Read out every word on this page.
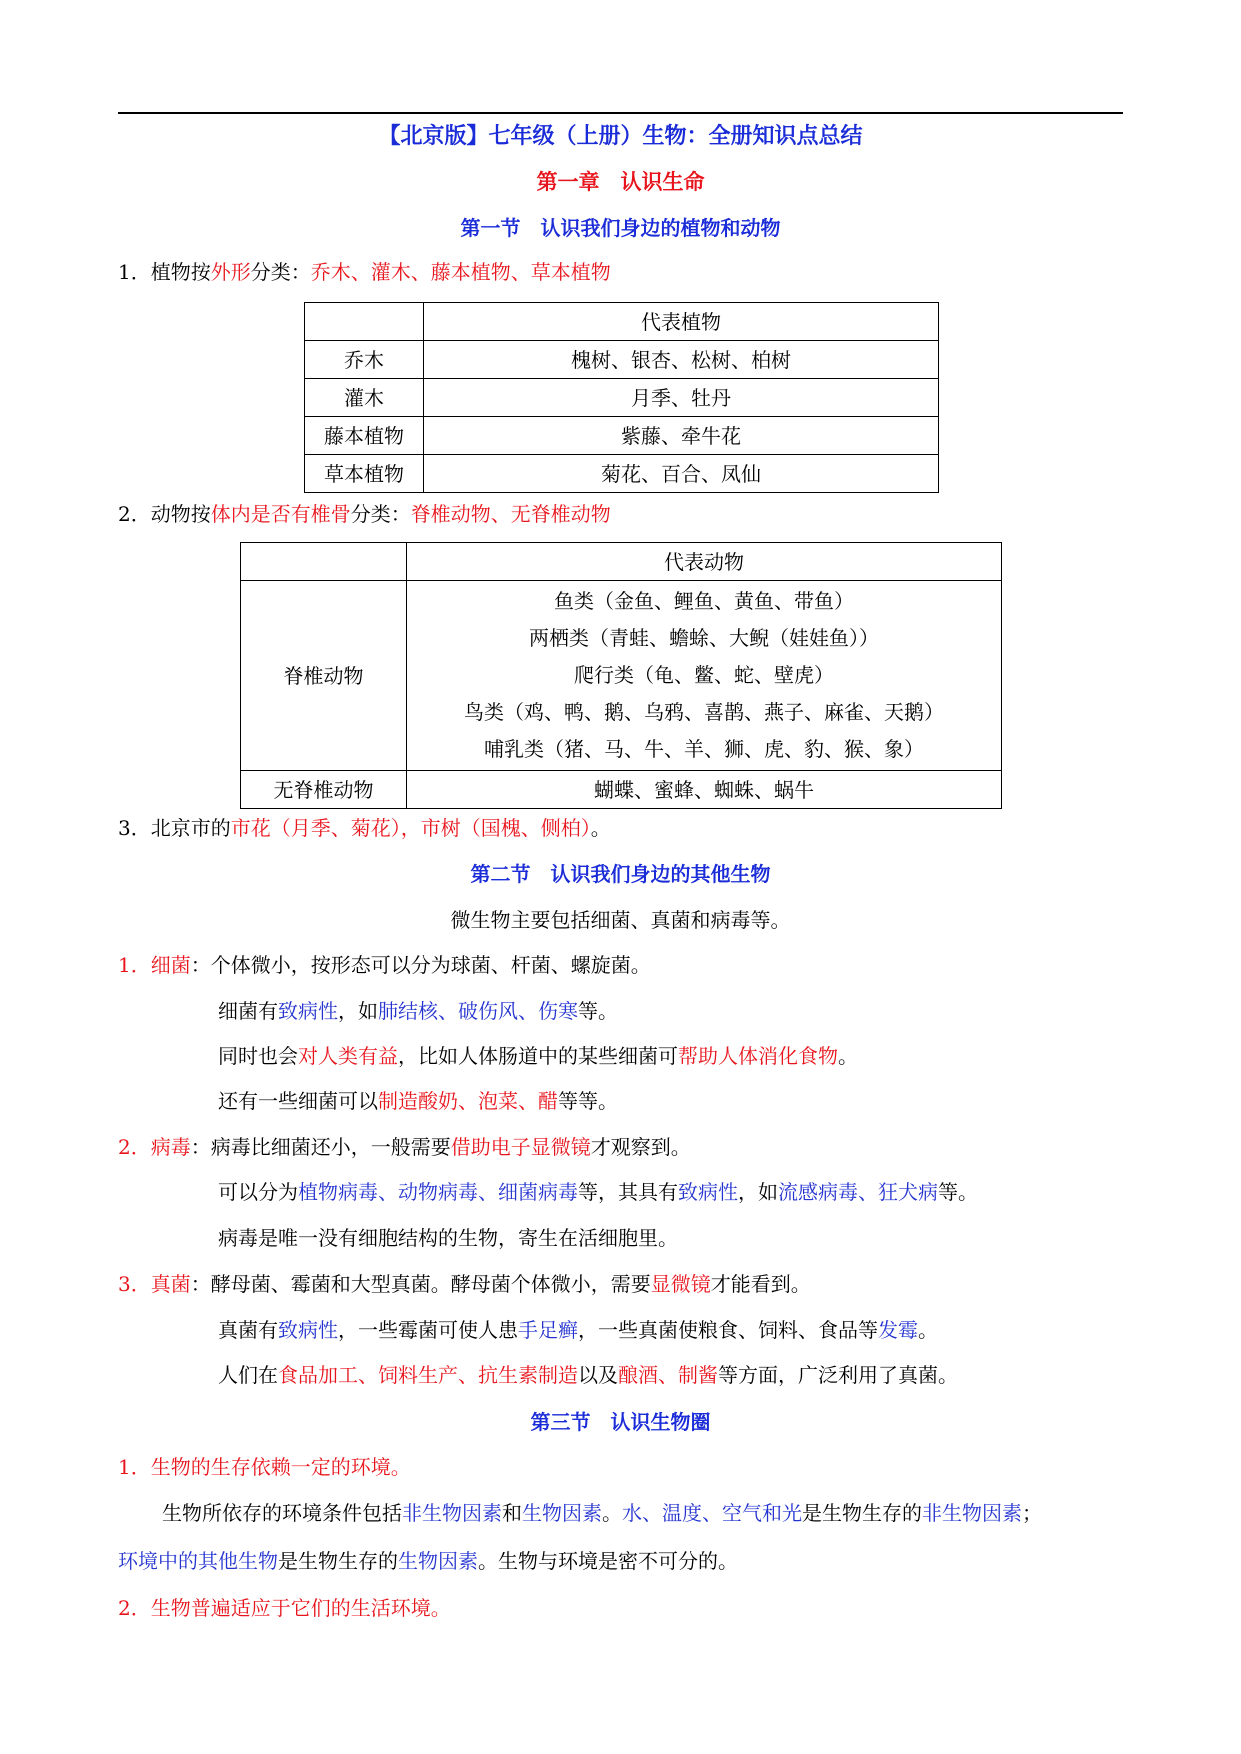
【北京版】七年级（上册）生物：全册知识点总结
第一章　认识生命
第一节　认识我们身边的植物和动物
1．植物按外形分类：乔木、灌木、藤本植物、草本植物
	代表植物
乔木	槐树、银杏、松树、柏树
灌木	月季、牡丹
藤本植物	紫藤、牵牛花
草本植物	菊花、百合、凤仙
2．动物按体内是否有椎骨分类：脊椎动物、无脊椎动物
	代表动物
脊椎动物	鱼类（金鱼、鲤鱼、黄鱼、带鱼）
两栖类（青蛙、蟾蜍、大鲵（娃娃鱼））
爬行类（龟、鳖、蛇、壁虎）
鸟类（鸡、鸭、鹅、乌鸦、喜鹊、燕子、麻雀、天鹅）
哺乳类（猪、马、牛、羊、狮、虎、豹、猴、象）

无脊椎动物	蝴蝶、蜜蜂、蜘蛛、蜗牛
3．北京市的市花（月季、菊花），市树（国槐、侧柏）。
第二节　认识我们身边的其他生物
微生物主要包括细菌、真菌和病毒等。
1．细菌：个体微小，按形态可以分为球菌、杆菌、螺旋菌。
细菌有致病性，如肺结核、破伤风、伤寒等。
同时也会对人类有益，比如人体肠道中的某些细菌可帮助人体消化食物。
还有一些细菌可以制造酸奶、泡菜、醋等等。
2．病毒：病毒比细菌还小，一般需要借助电子显微镜才观察到。
可以分为植物病毒、动物病毒、细菌病毒等，其具有致病性，如流感病毒、狂犬病等。
病毒是唯一没有细胞结构的生物，寄生在活细胞里。
3．真菌：酵母菌、霉菌和大型真菌。酵母菌个体微小，需要显微镜才能看到。
真菌有致病性，一些霉菌可使人患手足癣，一些真菌使粮食、饲料、食品等发霉。
人们在食品加工、饲料生产、抗生素制造以及酿酒、制酱等方面，广泛利用了真菌。
第三节　认识生物圈
1．生物的生存依赖一定的环境。
生物所依存的环境条件包括非生物因素和生物因素。水、温度、空气和光是生物生存的非生物因素；
环境中的其他生物是生物生存的生物因素。生物与环境是密不可分的。
2．生物普遍适应于它们的生活环境。
